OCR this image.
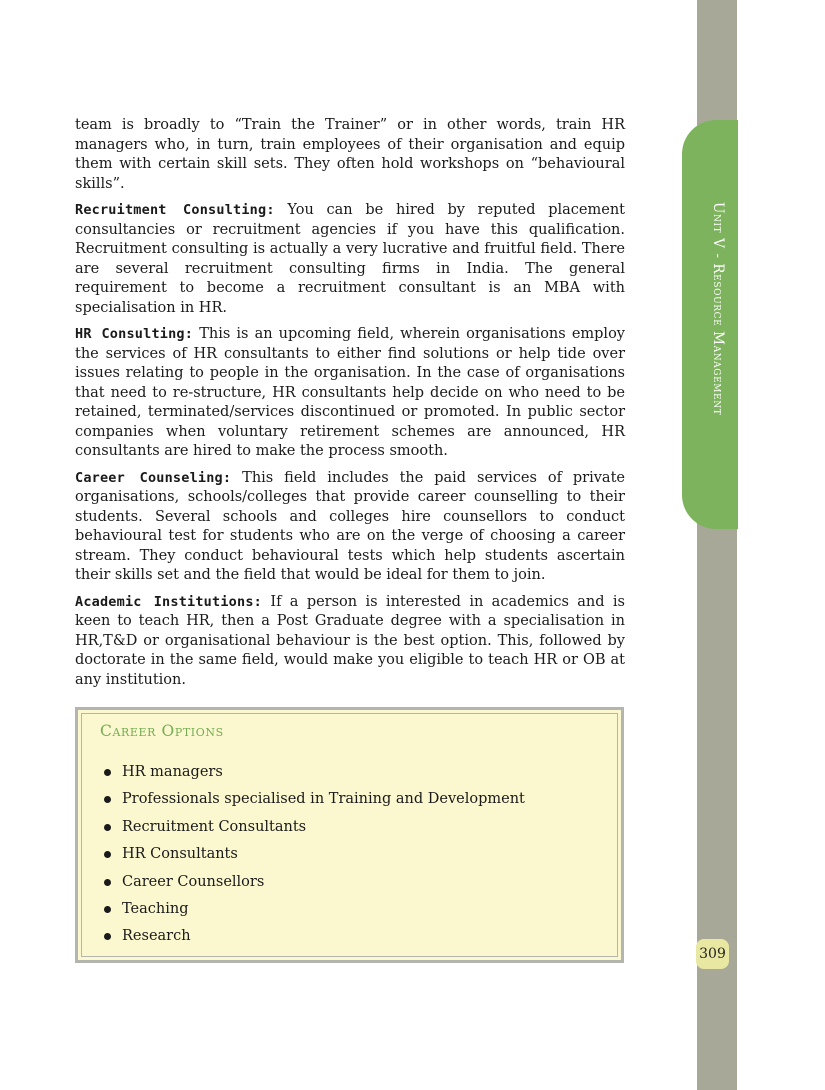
Unit V - Resource Management
309

team is broadly to “Train the Trainer” or in other words, train HR managers who, in turn, train employees of their organisation and equip them with certain skill sets. They often hold workshops on “behavioural skills”.

Recruitment Consulting: You can be hired by reputed placement consultancies or recruitment agencies if you have this qualification. Recruitment consulting is actually a very lucrative and fruitful field. There are several recruitment consulting firms in India. The general requirement to become a recruitment consultant is an MBA with specialisation in HR.

HR Consulting: This is an upcoming field, wherein organisations employ the services of HR consultants to either find solutions or help tide over issues relating to people in the organisation. In the case of organisations that need to re-structure, HR consultants help decide on who need to be retained, terminated/services discontinued or promoted. In public sector companies when voluntary retirement schemes are announced, HR consultants are hired to make the process smooth.

Career Counseling: This field includes the paid services of private organisations, schools/colleges that provide career counselling to their students. Several schools and colleges hire counsellors to conduct behavioural test for students who are on the verge of choosing a career stream. They conduct behavioural tests which help students ascertain their skills set and the field that would be ideal for them to join.

Academic Institutions: If a person is interested in academics and is keen to teach HR, then a Post Graduate degree with a specialisation in HR,T&D or organisational behaviour is the best option. This, followed by doctorate in the same field, would make you eligible to teach HR or OB at any institution.

Career Options
HR managers
Professionals specialised in Training and Development
Recruitment Consultants
HR Consultants
Career Counsellors
Teaching
Research
